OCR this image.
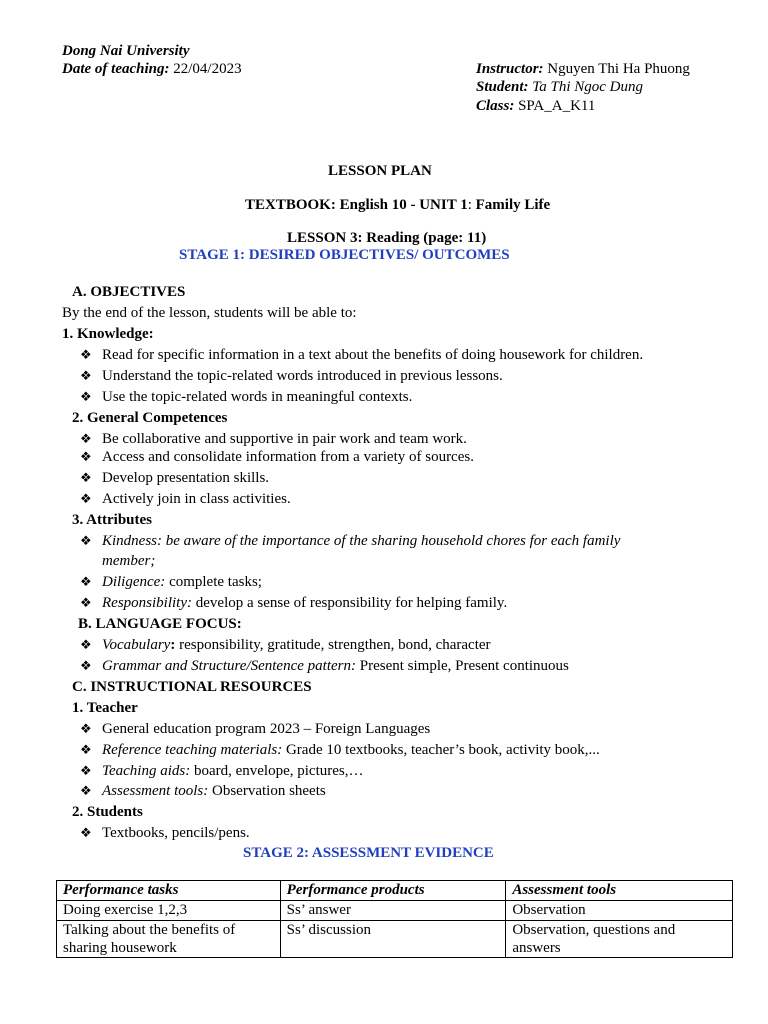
Dong Nai University
Date of teaching: 22/04/2023	Instructor: Nguyen Thi Ha Phuong
Student: Ta Thi Ngoc Dung
Class: SPA_A_K11
LESSON PLAN
TEXTBOOK: English 10 - UNIT 1: Family Life
LESSON 3: Reading (page: 11)
STAGE 1: DESIRED OBJECTIVES/ OUTCOMES
A. OBJECTIVES
By the end of the lesson, students will be able to:
1. Knowledge:
❖ Read for specific information in a text about the benefits of doing housework for children.
❖ Understand the topic-related words introduced in previous lessons.
❖ Use the topic-related words in meaningful contexts.
2. General Competences
❖ Be collaborative and supportive in pair work and team work.
❖ Access and consolidate information from a variety of sources.
❖ Develop presentation skills.
❖ Actively join in class activities.
3. Attributes
❖ Kindness: be aware of the importance of the sharing household chores for each family
member;
❖ Diligence: complete tasks;
❖ Responsibility: develop a sense of responsibility for helping family.
B. LANGUAGE FOCUS:
❖ Vocabulary: responsibility, gratitude, strengthen, bond, character
❖ Grammar and Structure/Sentence pattern: Present simple, Present continuous
C. INSTRUCTIONAL RESOURCES
1. Teacher
❖ General education program 2023 – Foreign Languages
❖ Reference teaching materials: Grade 10 textbooks, teacher’s book, activity book,...
❖ Teaching aids: board, envelope, pictures,…
❖ Assessment tools: Observation sheets
2. Students
❖ Textbooks, pencils/pens.
STAGE 2: ASSESSMENT EVIDENCE
Performance tasks	Performance products	Assessment tools
Doing exercise 1,2,3	Ss’ answer	Observation
Talking about the benefits of sharing housework	Ss’ discussion	Observation, questions and answers
